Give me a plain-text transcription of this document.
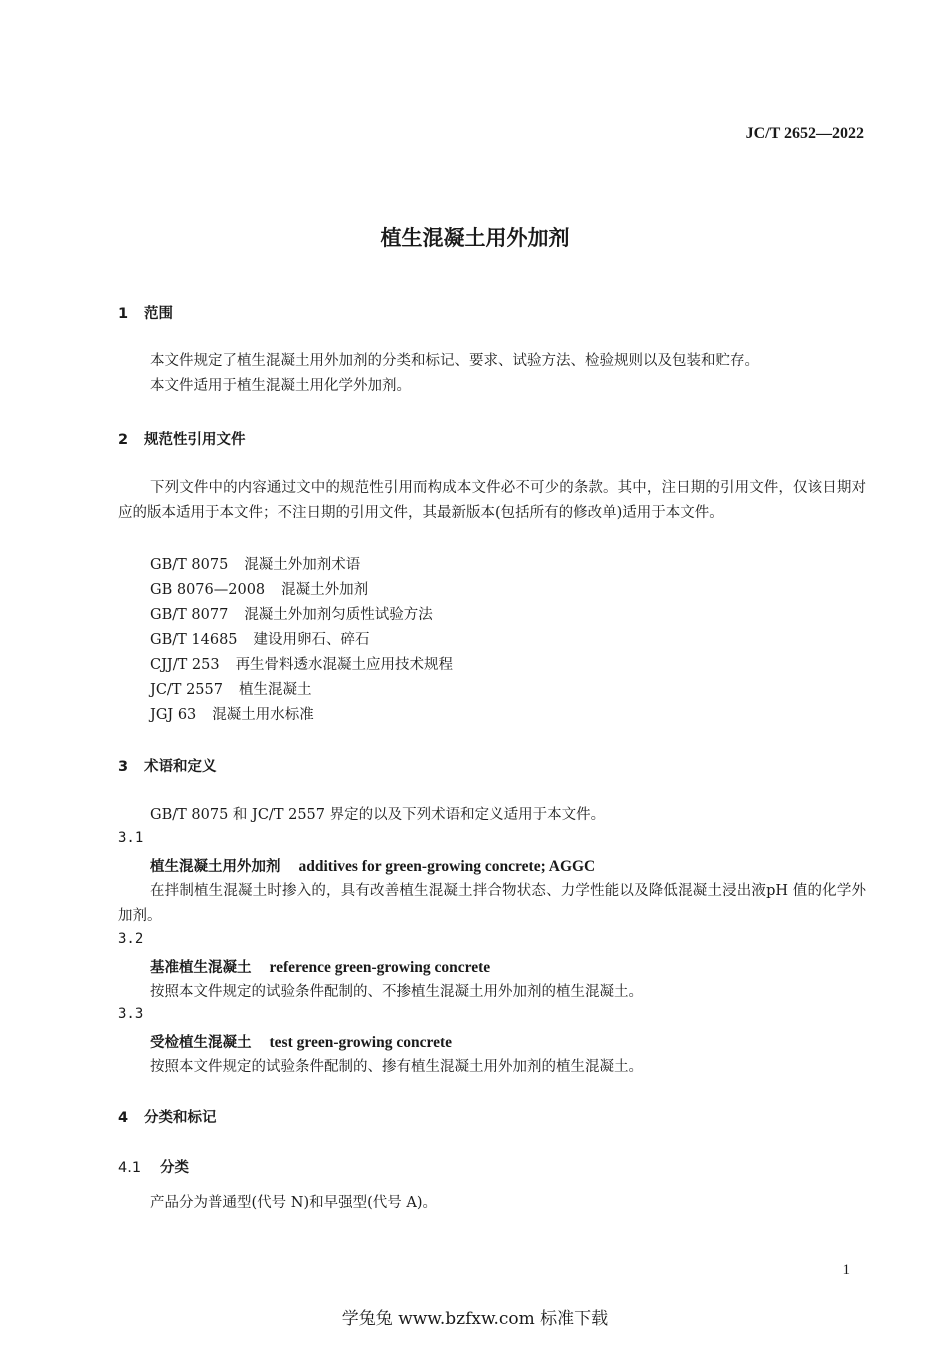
JC/T 2652—2022
植生混凝土用外加剂
1 范围
本文件规定了植生混凝土用外加剂的分类和标记、要求、试验方法、检验规则以及包装和贮存。
本文件适用于植生混凝土用化学外加剂。
2 规范性引用文件
下列文件中的内容通过文中的规范性引用而构成本文件必不可少的条款。其中，注日期的引用文件，仅该日期对应的版本适用于本文件；不注日期的引用文件，其最新版本(包括所有的修改单)适用于本文件。
GB/T 8075 混凝土外加剂术语
GB 8076—2008 混凝土外加剂
GB/T 8077 混凝土外加剂匀质性试验方法
GB/T 14685 建设用卵石、碎石
CJJ/T 253 再生骨料透水混凝土应用技术规程
JC/T 2557 植生混凝土
JGJ 63 混凝土用水标准
3 术语和定义
GB/T 8075 和 JC/T 2557 界定的以及下列术语和定义适用于本文件。
3.1
植生混凝土用外加剂 additives for green-growing concrete; AGGC
在拌制植生混凝土时掺入的，具有改善植生混凝土拌合物状态、力学性能以及降低混凝土浸出液pH 值的化学外加剂。
3.2
基准植生混凝土 reference green-growing concrete
按照本文件规定的试验条件配制的、不掺植生混凝土用外加剂的植生混凝土。
3.3
受检植生混凝土 test green-growing concrete
按照本文件规定的试验条件配制的、掺有植生混凝土用外加剂的植生混凝土。
4 分类和标记
4.1 分类
产品分为普通型(代号 N)和早强型(代号 A)。
1
学兔兔 www.bzfxw.com 标准下载
